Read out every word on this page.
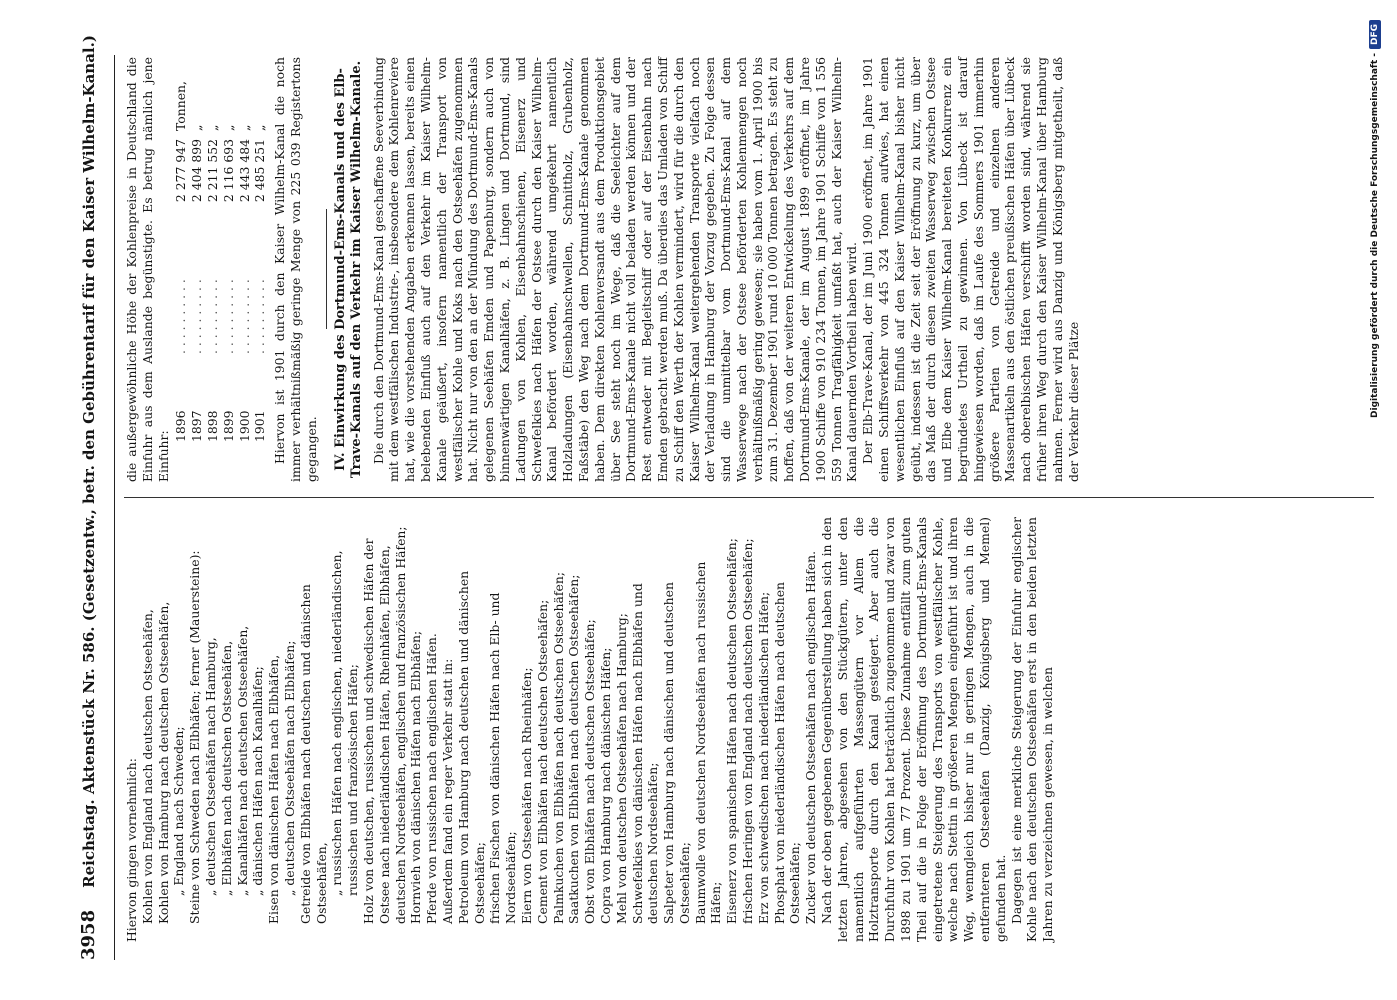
3958Reichstag. Aktenstück Nr. 586. (Gesetzentw., betr. den Gebührentarif für den Kaiser Wilhelm-Kanal.)	Hiervon gingen vornehmlich: Kohlen von England nach deutschen Ostseehäfen, Kohlen von Hamburg nach deutschen Ostseehäfen, „ England nach Schweden; Steine von Schweden nach Elbhäfen; ferner (Mauersteine): „ deutschen Ostseehäfen nach Hamburg, „ Elbhäfen nach deutschen Ostseehäfen, „ Kanalhäfen nach deutschen Ostseehäfen, „ dänischen Häfen nach Kanalhäfen; Eisen von dänischen Häfen nach Elbhäfen, „ deutschen Ostseehäfen nach Elbhäfen; Getreide von Elbhäfen nach deutschen und dänischen Ostseehäfen, „ russischen Häfen nach englischen, niederländischen, russischen und französischen Häfen; Holz von deutschen, russischen und schwedischen Häfen der Ostsee nach niederländischen Häfen, Rheinhäfen, Elbhäfen, deutschen Nordseehäfen, englischen und französischen Häfen; Hornvieh von dänischen Häfen nach Elbhäfen; Pferde von russischen nach englischen Häfen. Außerdem fand ein reger Verkehr statt in: Petroleum von Hamburg nach deutschen und dänischen Ostseehäfen; frischen Fischen von dänischen Häfen nach Elb- und Nordseehäfen; Eiern von Ostseehäfen nach Rheinhäfen; Cement von Elbhäfen nach deutschen Ostseehäfen; Palmkuchen von Elbhäfen nach deutschen Ostseehäfen; Saatkuchen von Elbhäfen nach deutschen Ostseehäfen; Obst von Elbhäfen nach deutschen Ostseehäfen; Copra von Hamburg nach dänischen Häfen; Mehl von deutschen Ostseehäfen nach Hamburg; Schwefelkies von dänischen Häfen nach Elbhäfen und deutschen Nordseehäfen; Salpeter von Hamburg nach dänischen und deutschen Ostseehäfen; Baumwolle von deutschen Nordseehäfen nach russischen Häfen; Eisenerz von spanischen Häfen nach deutschen Ostseehäfen; frischen Heringen von England nach deutschen Ostseehäfen; Erz von schwedischen nach niederländischen Häfen; Phosphat von niederländischen Häfen nach deutschen Ostseehäfen; Zucker von deutschen Ostseehäfen nach englischen Häfen. Nach der oben gegebenen Gegenüberstellung haben sich in den letzten Jahren, abgesehen von den Stückgütern, unter den namentlich aufgeführten Massengütern vor Allem die Holztransporte durch den Kanal gesteigert. Aber auch die Durchfuhr von Kohlen hat beträchtlich zugenommen und zwar von 1898 zu 1901 um 77 Prozent. Diese Zunahme entfällt zum guten Theil auf die in Folge der Eröffnung des Dortmund-Ems-Kanals eingetretene Steigerung des Transports von westfälischer Kohle, welche nach Stettin in größeren Mengen eingeführt ist und ihren Weg, wenngleich bisher nur in geringen Mengen, auch in die entfernteren Ostseehäfen (Danzig, Königsberg und Memel) gefunden hat. Dagegen ist eine merkliche Steigerung der Einfuhr englischer Kohle nach den deutschen Ostseehäfen erst in den beiden letzten Jahren zu verzeichnen gewesen, in welchen

die außergewöhnliche Höhe der Kohlenpreise in Deutschland die Einfuhr aus dem Auslande begünstigte. Es betrug nämlich jene Einfuhr:

1896	. . . . . . . . . .	2 277 947	Tonnen,
1897	. . . . . . . . . .	2 404 899	„
1898	. . . . . . . . . .	2 211 552	„
1899	. . . . . . . . . .	2 116 693	„
1900	. . . . . . . . . .	2 443 484	„
1901	. . . . . . . . . .	2 485 251	„ Hiervon ist 1901 durch den Kaiser Wilhelm-Kanal die noch immer verhältnißmäßig geringe Menge von 225 039 Registertons gegangen. IV. Einwirkung des Dortmund-Ems-Kanals und des Elb-Trave-Kanals auf den Verkehr im Kaiser Wilhelm-Kanale. Die durch den Dortmund-Ems-Kanal geschaffene Seeverbindung mit dem westfälischen Industrie-, insbesondere dem Kohlenreviere hat, wie die vorstehenden Angaben erkennen lassen, bereits einen belebenden Einfluß auch auf den Verkehr im Kaiser Wilhelm-Kanale geäußert, insofern namentlich der Transport von westfälischer Kohle und Koks nach den Ostseehäfen zugenommen hat. Nicht nur von den an der Mündung des Dortmund-Ems-Kanals gelegenen Seehäfen Emden und Papenburg, sondern auch von binnenwärtigen Kanalhäfen, z. B. Lingen und Dortmund, sind Ladungen von Kohlen, Eisenbahnschienen, Eisenerz und Schwefelkies nach Häfen der Ostsee durch den Kaiser Wilhelm-Kanal befördert worden, während umgekehrt namentlich Holzladungen (Eisenbahnschwellen, Schnittholz, Grubenholz, Faßstäbe) den Weg nach dem Dortmund-Ems-Kanale genommen haben. Dem direkten Kohlenversandt aus dem Produktionsgebiet über See steht noch im Wege, daß die Seeleichter auf dem Dortmund-Ems-Kanale nicht voll beladen werden können und der Rest entweder mit Begleitschiff oder auf der Eisenbahn nach Emden gebracht werden muß. Da überdies das Umladen von Schiff zu Schiff den Werth der Kohlen vermindert, wird für die durch den Kaiser Wilhelm-Kanal weitergehenden Transporte vielfach noch der Verladung in Hamburg der Vorzug gegeben. Zu Folge dessen sind die unmittelbar vom Dortmund-Ems-Kanal auf dem Wasserwege nach der Ostsee beförderten Kohlenmengen noch verhältnißmäßig gering gewesen; sie haben vom 1. April 1900 bis zum 31. Dezember 1901 rund 10 000 Tonnen betragen. Es steht zu hoffen, daß von der weiteren Entwickelung des Verkehrs auf dem Dortmund-Ems-Kanale, der im August 1899 eröffnet, im Jahre 1900 Schiffe von 910 234 Tonnen, im Jahre 1901 Schiffe von 1 556 559 Tonnen Tragfähigkeit umfaßt hat, auch der Kaiser Wilhelm-Kanal dauernden Vortheil haben wird. Der Elb-Trave-Kanal, der im Juni 1900 eröffnet, im Jahre 1901 einen Schiffsverkehr von 445 324 Tonnen aufwies, hat einen wesentlichen Einfluß auf den Kaiser Wilhelm-Kanal bisher nicht geübt, indessen ist die Zeit seit der Eröffnung zu kurz, um über das Maß der durch diesen zweiten Wasserweg zwischen Ostsee und Elbe dem Kaiser Wilhelm-Kanal bereiteten Konkurrenz ein begründetes Urtheil zu gewinnen. Von Lübeck ist darauf hingewiesen worden, daß im Laufe des Sommers 1901 immerhin größere Partien von Getreide und einzelnen anderen Massenartikeln aus den östlichen preußischen Häfen über Lübeck nach oberelbischen Häfen verschifft worden sind, während sie früher ihren Weg durch den Kaiser Wilhelm-Kanal über Hamburg nahmen. Ferner wird aus Danzig und Königsberg mitgetheilt, daß der Verkehr dieser Plätze	Digitalisierung gefördert durch die Deutsche Forschungsgemeinschaft -DFG
